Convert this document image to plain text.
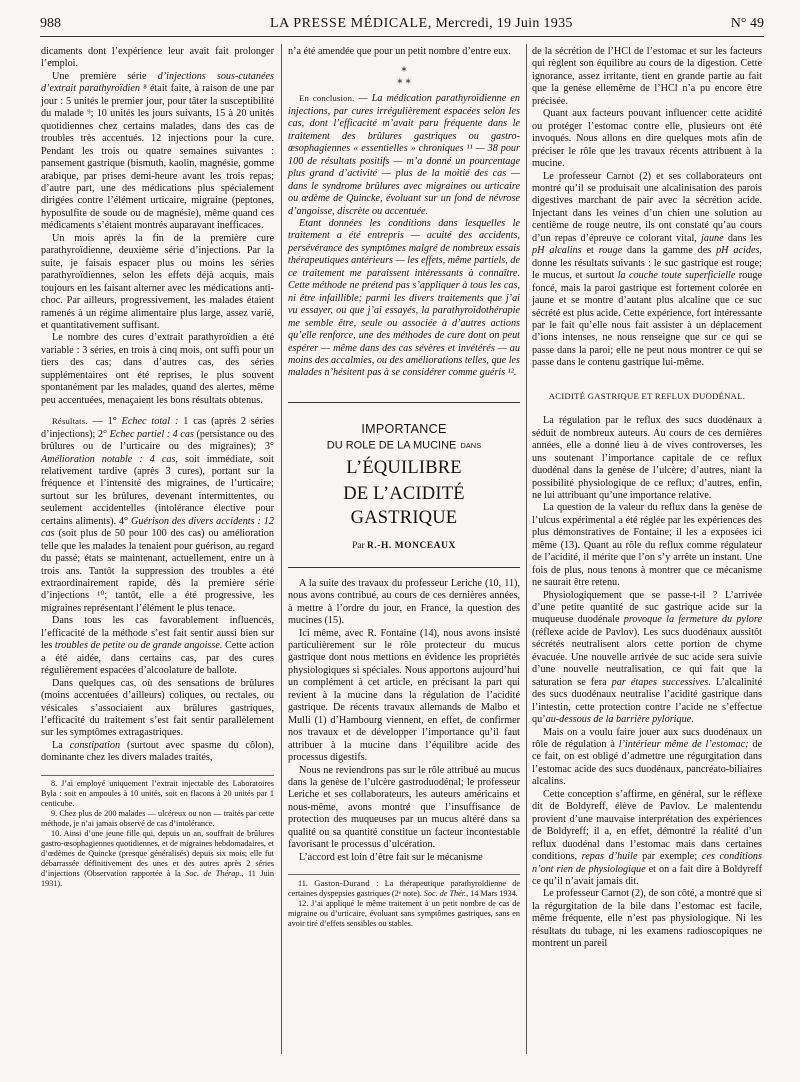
988	LA PRESSE MÉDICALE, Mercredi, 19 Juin 1935	N° 49

dicaments dont l’expérience leur avait fait prolonger l’emploi.

Une première série d’injections sous-cutanées d’extrait parathyroïdien ⁸ était faite, à raison de une par jour : 5 unités le premier jour, pour tâter la susceptibilité du malade ⁹; 10 unités les jours suivants, 15 à 20 unités quotidiennes chez certains malades, dans des cas de troubles très accentués. 12 injections pour la cure. Pendant les trois ou quatre semaines suivantes : pansement gastrique (bismuth, kaolin, magnésie, gomme arabique, par prises demi-heure avant les trois repas; d’autre part, une des médications plus spécialement dirigées contre l’élément urticaire, migraine (peptones, hyposulfite de soude ou de magnésie), même quand ces médicaments s’étaient montrés auparavant inefficaces.

Un mois après la fin de la première cure parathyroïdienne, deuxième série d’injections. Par la suite, je faisais espacer plus ou moins les séries parathyroïdiennes, selon les effets déjà acquis, mais toujours en les faisant alterner avec les médications anti-choc. Par ailleurs, progressivement, les malades étaient ramenés à un régime alimentaire plus large, assez varié, et quantitativement suffisant.

Le nombre des cures d’extrait parathyroïdien a été variable : 3 séries, en trois à cinq mois, ont suffi pour un tiers des cas; dans d’autres cas, des séries supplémentaires ont été reprises, le plus souvent spontanément par les malades, quand des alertes, même peu accentuées, menaçaient les bons résultats obtenus.

Résultats. — 1° Echec total : 1 cas (après 2 séries d’injections); 2° Echec partiel : 4 cas (persistance ou des brûlures ou de l’urticaire ou des migraines); 3° Amélioration notable : 4 cas, soit immédiate, soit relativement tardive (après 3 cures), portant sur la fréquence et l’intensité des migraines, de l’urticaire; surtout sur les brûlures, devenant intermittentes, ou seulement accidentelles (intolérance élective pour certains aliments). 4° Guérison des divers accidents : 12 cas (soit plus de 50 pour 100 des cas) ou amélioration telle que les malades la tenaient pour guérison, au regard du passé; états se maintenant, actuellement, entre un à trois ans. Tantôt la suppression des troubles a été extraordinairement rapide, dès la première série d’injections ¹⁰; tantôt, elle a été progressive, les migraines représentant l’élément le plus tenace.

Dans tous les cas favorablement influencés, l’efficacité de la méthode s’est fait sentir aussi bien sur les troubles de petite ou de grande angoisse. Cette action a été aidée, dans certains cas, par des cures régulièrement espacées d’alcoolature de ballote.

Dans quelques cas, où des sensations de brûlures (moins accentuées d’ailleurs) coliques, ou rectales, ou vésicales s’associaient aux brûlures gastriques, l’efficacité du traitement s’est fait sentir parallèlement sur les symptômes extragastriques.

La constipation (surtout avec spasme du côlon), dominante chez les divers malades traités,

8. J’ai employé uniquement l’extrait injectable des Laboratoires Byla : soit en ampoules à 10 unités, soit en flacons à 20 unités par 1 centicube.

9. Chez plus de 200 malades — ulcéreux ou non — traités par cette méthode, je n’ai jamais observé de cas d’intolérance.

10. Ainsi d’une jeune fille qui, depuis un an, souffrait de brûlures gastro-œsophagiennes quotidiennes, et de migraines hebdomadaires, et d’œdèmes de Quincke (presque généralisés) depuis six mois; elle fut débarrassée définitivement des unes et des autres après 2 séries d’injections (Observation rapportée à la Soc. de Thérap., 11 Juin 1931).

n’a été amendée que pour un petit nombre d’entre eux.

⁎
⁎ ⁎

En conclusion. — La médication parathyroïdienne en injections, par cures irrégulièrement espacées selon les cas, dont l’efficacité m’avait paru fréquente dans le traitement des brûlures gastriques ou gastro-œsophagiennes « essentielles » chroniques ¹¹ — 38 pour 100 de résultats positifs — m’a donné un pourcentage plus grand d’activité — plus de la moitié des cas — dans le syndrome brûlures avec migraines ou urticaire ou œdème de Quincke, évoluant sur un fond de névrose d’angoisse, discrète ou accentuée.

Etant données les conditions dans lesquelles le traitement a été entrepris — acuité des accidents, persévérance des symptômes malgré de nombreux essais thérapeutiques antérieurs — les effets, même partiels, de ce traitement me paraissent intéressants à connaître. Cette méthode ne prétend pas s’appliquer à tous les cas, ni être infaillible; parmi les divers traitements que j’ai vu essayer, ou que j’ai essayés, la parathyroïdothérapie me semble être, seule ou associée à d’autres actions qu’elle renforce, une des méthodes de cure dont on peut espérer — même dans des cas sévères et invétérés — au moins des accalmies, ou des améliorations telles, que les malades n’hésitent pas à se considérer comme guéris ¹².

IMPORTANCE
DU ROLE DE LA MUCINE DANS
L’ÉQUILIBRE
DE L’ACIDITÉ GASTRIQUE
Par R.-H. MONCEAUX

A la suite des travaux du professeur Leriche (10, 11), nous avons contribué, au cours de ces dernières années, à mettre à l’ordre du jour, en France, la question des mucines (15).

Ici même, avec R. Fontaine (14), nous avons insisté particulièrement sur le rôle protecteur du mucus gastrique dont nous mettions en évidence les propriétés physiologiques si spéciales. Nous apportons aujourd’hui un complément à cet article, en précisant la part qui revient à la mucine dans la régulation de l’acidité gastrique. De récents travaux allemands de Malbo et Mulli (1) d’Hambourg viennent, en effet, de confirmer nos travaux et de développer l’importance qu’il faut attribuer à la mucine dans l’équilibre acide des processus digestifs.

Nous ne reviendrons pas sur le rôle attribué au mucus dans la genèse de l’ulcère gastroduodénal; le professeur Leriche et ses collaborateurs, les auteurs américains et nous-même, avons montré que l’insuffisance de protection des muqueuses par un mucus altéré dans sa qualité ou sa quantité constitue un facteur incontestable favorisant le processus d’ulcération.

L’accord est loin d’être fait sur le mécanisme

11. Gaston-Durand : La thérapeutique parathyroïdienne de certaines dyspepsies gastriques (2ᵉ note). Soc. de Thér., 14 Mars 1934.

12. J’ai appliqué le même traitement à un petit nombre de cas de migraine ou d’urticaire, évoluant sans symptômes gastriques, sans en avoir tiré d’effets sensibles ou stables.

de la sécrétion de l’HCl de l’estomac et sur les facteurs qui règlent son équilibre au cours de la digestion. Cette ignorance, assez irritante, tient en grande partie au fait que la genèse ellemême de l’HCl n’a pu encore être précisée.

Quant aux facteurs pouvant influencer cette acidité ou protéger l’estomac contre elle, plusieurs ont été invoqués. Nous allons en dire quelques mots afin de préciser le rôle que les travaux récents attribuent à la mucine.

Le professeur Carnot (2) et ses collaborateurs ont montré qu’il se produisait une alcalinisation des parois digestives marchant de pair avec la sécrétion acide. Injectant dans les veines d’un chien une solution au centième de rouge neutre, ils ont constaté qu’au cours d’un repas d’épreuve ce colorant vital, jaune dans les pH alcalins et rouge dans la gamme des pH acides, donne les résultats suivants : le suc gastrique est rouge; le mucus, et surtout la couche toute superficielle rouge foncé, mais la paroi gastrique est fortement colorée en jaune et se montre d’autant plus alcaline que ce suc sécrété est plus acide. Cette expérience, fort intéressante par le fait qu’elle nous fait assister à un déplacement d’ions intenses, ne nous renseigne que sur ce qui se passe dans la paroi; elle ne peut nous montrer ce qui se passe dans le contenu gastrique lui-même.

ACIDITÉ GASTRIQUE ET REFLUX DUODÉNAL.

La régulation par le reflux des sucs duodénaux a séduit de nombreux auteurs. Au cours de ces dernières années, elle a donné lieu à de vives controverses, les uns soutenant l’importance capitale de ce reflux duodénal dans la genèse de l’ulcère; d’autres, niant la possibilité physiologique de ce reflux; d’autres, enfin, ne lui attribuant qu’une importance relative.

La question de la valeur du reflux dans la genèse de l’ulcus expérimental a été réglée par les expériences des plus démonstratives de Fontaine; il les a exposées ici même (13). Quant au rôle du reflux comme régulateur de l’acidité, il mérite que l’on s’y arrête un instant. Une fois de plus, nous tenons à montrer que ce mécanisme ne saurait être retenu.

Physiologiquement que se passe-t-il ? L’arrivée d’une petite quantité de suc gastrique acide sur la muqueuse duodénale provoque la fermeture du pylore (réflexe acide de Pavlov). Les sucs duodénaux aussitôt sécrétés neutralisent alors cette portion de chyme évacuée. Une nouvelle arrivée de suc acide sera suivie d’une nouvelle neutralisation, ce qui fait que la saturation se fera par étapes successives. L’alcalinité des sucs duodénaux neutralise l’acidité gastrique dans l’intestin, cette protection contre l’acide ne s’effectue qu’au-dessous de la barrière pylorique.

Mais on a voulu faire jouer aux sucs duodénaux un rôle de régulation à l’intérieur même de l’estomac; de ce fait, on est obligé d’admettre une régurgitation dans l’estomac acide des sucs duodénaux, pancréato-biliaires alcalins.

Cette conception s’affirme, en général, sur le réflexe dit de Boldyreff, élève de Pavlov. Le malentendu provient d’une mauvaise interprétation des expériences de Boldyreff; il a, en effet, démontré la réalité d’un reflux duodénal dans l’estomac mais dans certaines conditions, repas d’huile par exemple; ces conditions n’ont rien de physiologique et on a fait dire à Boldyreff ce qu’il n’avait jamais dit.

Le professeur Carnot (2), de son côté, a montré que si la régurgitation de la bile dans l’estomac est facile, même fréquente, elle n’est pas physiologique. Ni les résultats du tubage, ni les examens radioscopiques ne montrent un pareil
